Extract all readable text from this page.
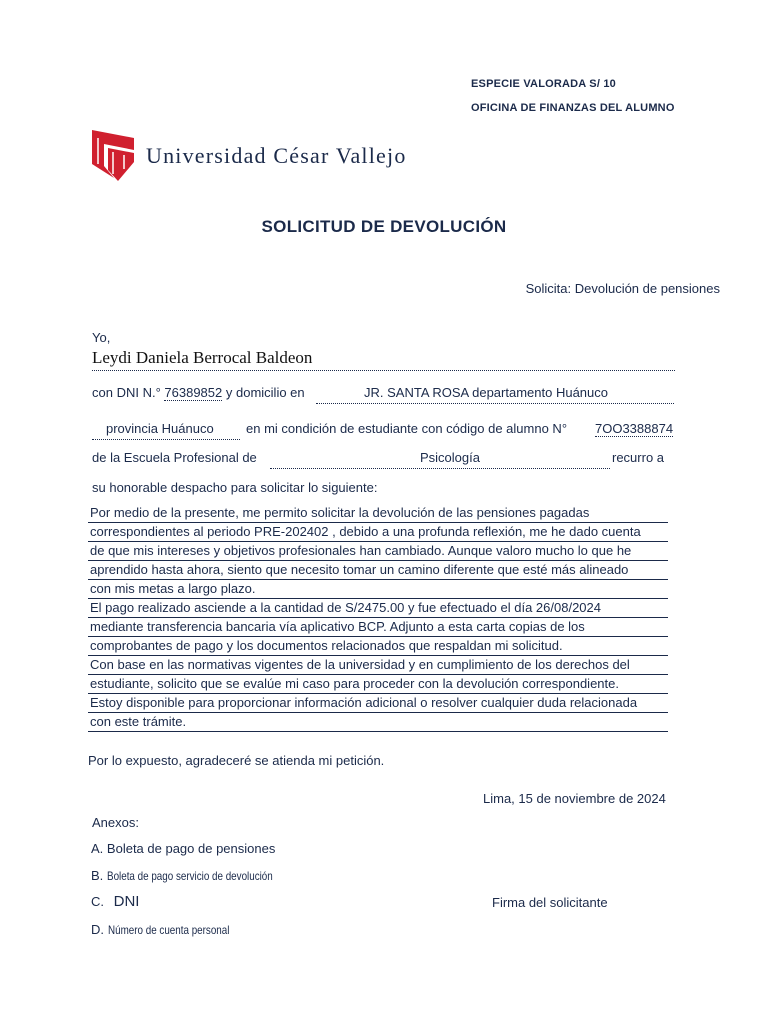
ESPECIE VALORADA S/ 10
OFICINA DE FINANZAS DEL ALUMNO
Universidad César Vallejo
SOLICITUD DE DEVOLUCIÓN
Solicita: Devolución de pensiones
Yo,
Leydi Daniela Berrocal Baldeon
con DNI N.° 76389852 y domicilio en	JR. SANTA ROSA departamento Huánuco
provincia Huánuco en mi condición de estudiante con código de alumno N° 7OO3388874
de la Escuela Profesional de	Psicología	recurro a
su honorable despacho para solicitar lo siguiente:
Por medio de la presente, me permito solicitar la devolución de las pensiones pagadas
correspondientes al periodo PRE-202402 , debido a una profunda reflexión, me he dado cuenta
de que mis intereses y objetivos profesionales han cambiado. Aunque valoro mucho lo que he
aprendido hasta ahora, siento que necesito tomar un camino diferente que esté más alineado
con mis metas a largo plazo.
El pago realizado asciende a la cantidad de S/2475.00 y fue efectuado el día 26/08/2024
mediante transferencia bancaria vía aplicativo BCP. Adjunto a esta carta copias de los
comprobantes de pago y los documentos relacionados que respaldan mi solicitud.
Con base en las normativas vigentes de la universidad y en cumplimiento de los derechos del
estudiante, solicito que se evalúe mi caso para proceder con la devolución correspondiente.
Estoy disponible para proporcionar información adicional o resolver cualquier duda relacionada
con este trámite.
Por lo expuesto, agradeceré se atienda mi petición.
Lima, 15 de noviembre de 2024
Anexos:
A. Boleta de pago de pensiones
B. Boleta de pago servicio de devolución
C. DNI
D. Número de cuenta personal
Firma del solicitante
